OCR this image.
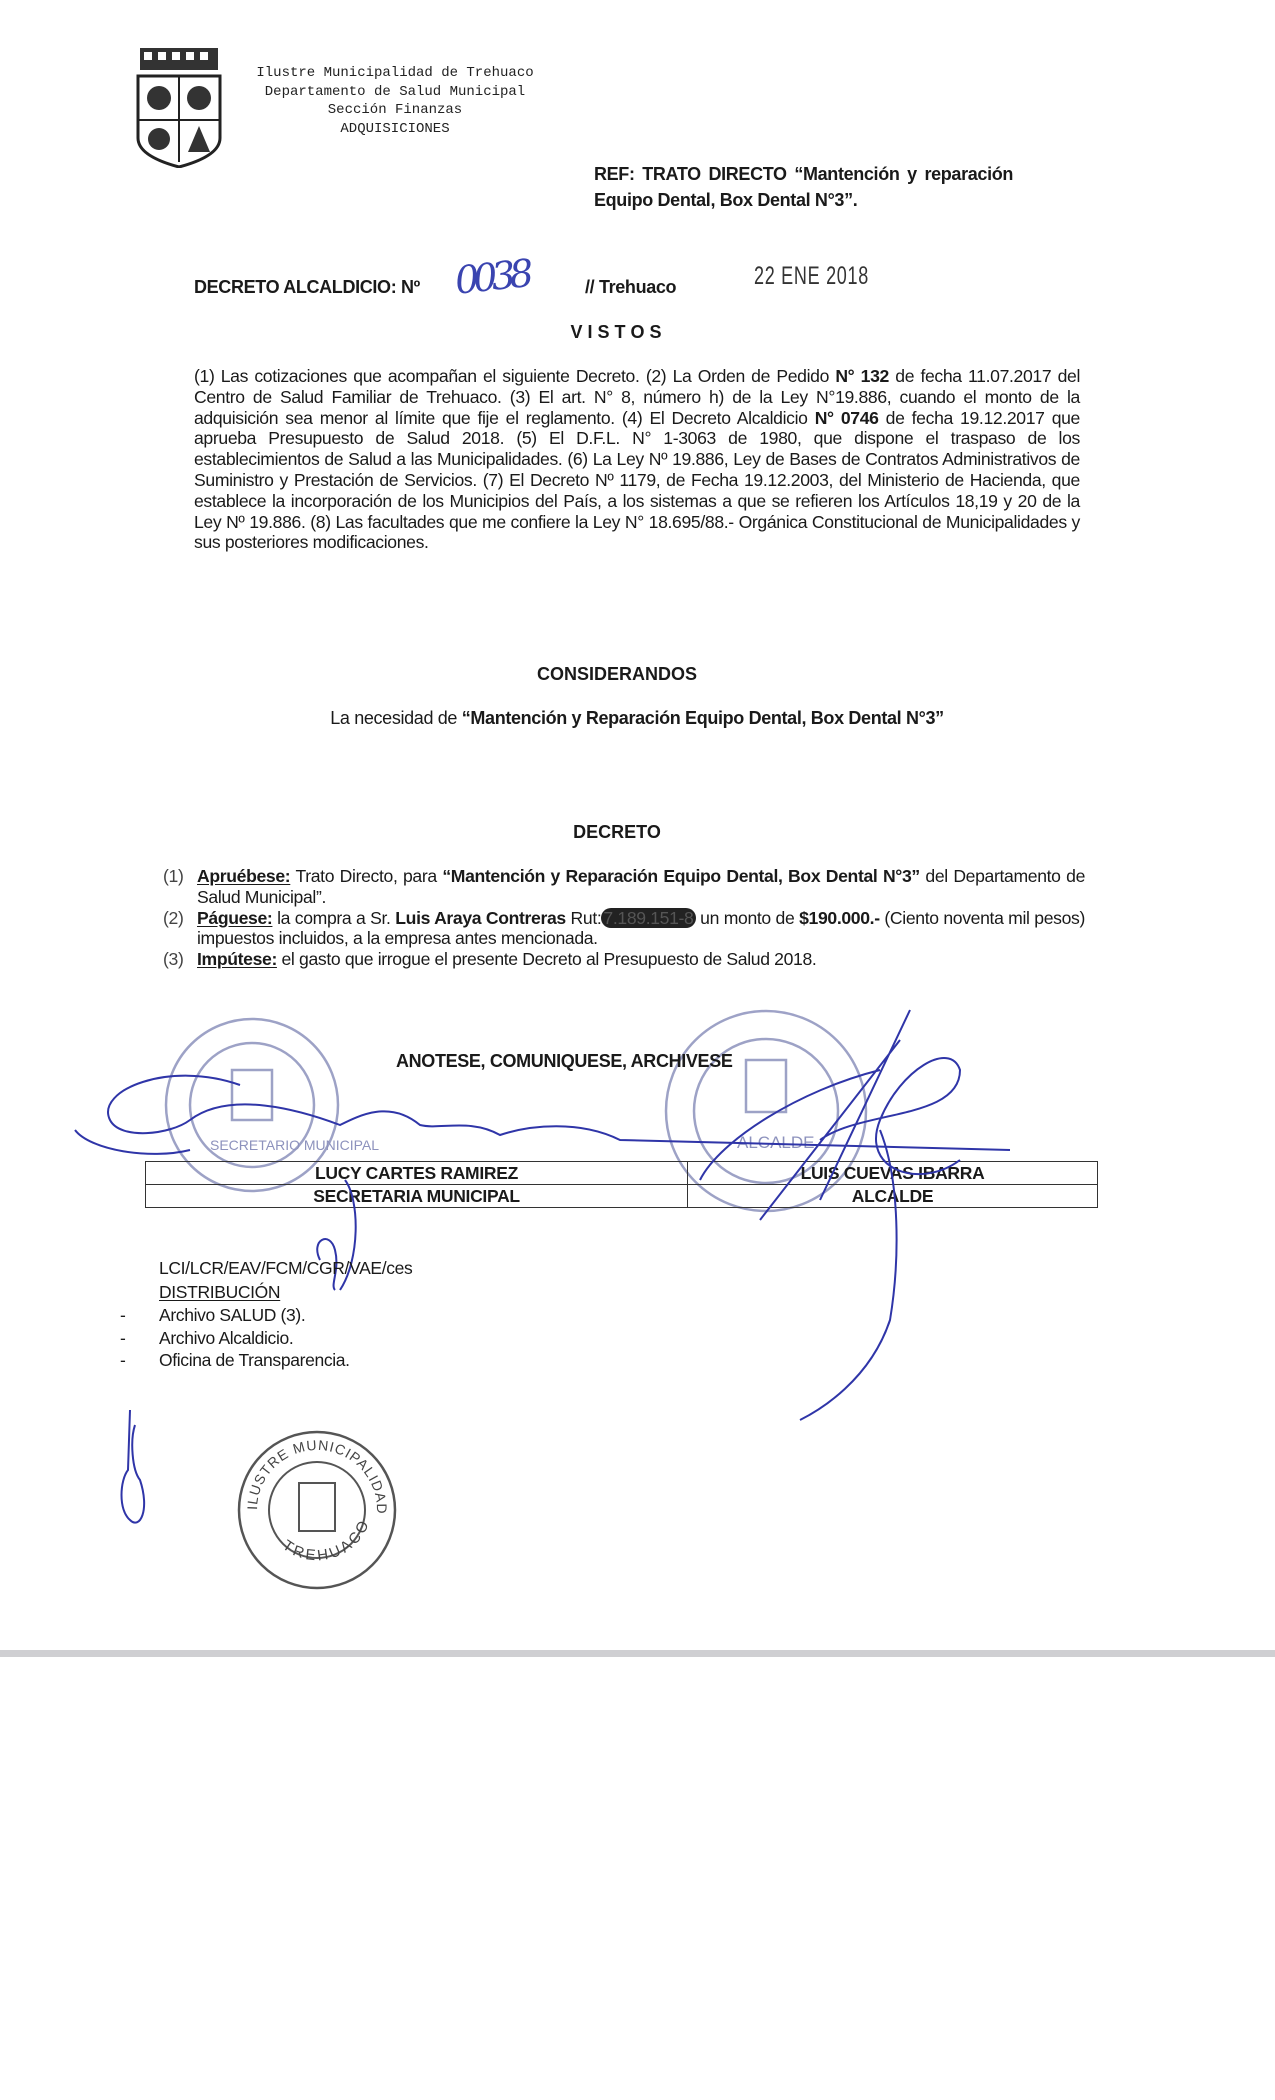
Ilustre Municipalidad de Trehuaco
Departamento de Salud Municipal
Sección Finanzas
ADQUISICIONES
REF: TRATO DIRECTO “Mantención y reparación
Equipo Dental, Box Dental N°3”.
DECRETO ALCALDICIO: Nº 0038	// Trehuaco	22 ENE 2018
V I S T O S
(1) Las cotizaciones que acompañan el siguiente Decreto. (2) La Orden de Pedido N° 132 de fecha 11.07.2017 del Centro de Salud Familiar de Trehuaco. (3) El art. N° 8, número h) de la Ley N°19.886, cuando el monto de la adquisición sea menor al límite que fije el reglamento. (4) El Decreto Alcaldicio N° 0746 de fecha 19.12.2017 que aprueba Presupuesto de Salud 2018. (5) El D.F.L. N° 1-3063 de 1980, que dispone el traspaso de los establecimientos de Salud a las Municipalidades. (6) La Ley Nº 19.886, Ley de Bases de Contratos Administrativos de Suministro y Prestación de Servicios. (7) El Decreto Nº 1179, de Fecha 19.12.2003, del Ministerio de Hacienda, que establece la incorporación de los Municipios del País, a los sistemas a que se refieren los Artículos 18,19 y 20 de la Ley Nº 19.886. (8) Las facultades que me confiere la Ley N° 18.695/88.- Orgánica Constitucional de Municipalidades y sus posteriores modificaciones.
CONSIDERANDOS
La necesidad de “Mantención y Reparación Equipo Dental, Box Dental N°3”
DECRETO
(1) Apruébese: Trato Directo, para “Mantención y Reparación Equipo Dental, Box Dental N°3” del Departamento de Salud Municipal”.
(2) Páguese: la compra a Sr. Luis Araya Contreras Rut: 7.189.151-8 un monto de $190.000.- (Ciento noventa mil pesos) impuestos incluidos, a la empresa antes mencionada.
(3) Impútese: el gasto que irrogue el presente Decreto al Presupuesto de Salud 2018.
SECRETARIO MUNICIPAL	ALCALDE
ANOTESE, COMUNIQUESE, ARCHIVESE
LUCY CARTES RAMIREZ	LUIS CUEVAS IBARRA
SECRETARIA MUNICIPAL	ALCALDE
LCI/LCR/EAV/FCM/CGR/VAE/ces
DISTRIBUCIÓN
- Archivo SALUD (3).
- Archivo Alcaldicio.
- Oficina de Transparencia.
ILUSTRE MUNICIPALIDAD
TREHUACO
